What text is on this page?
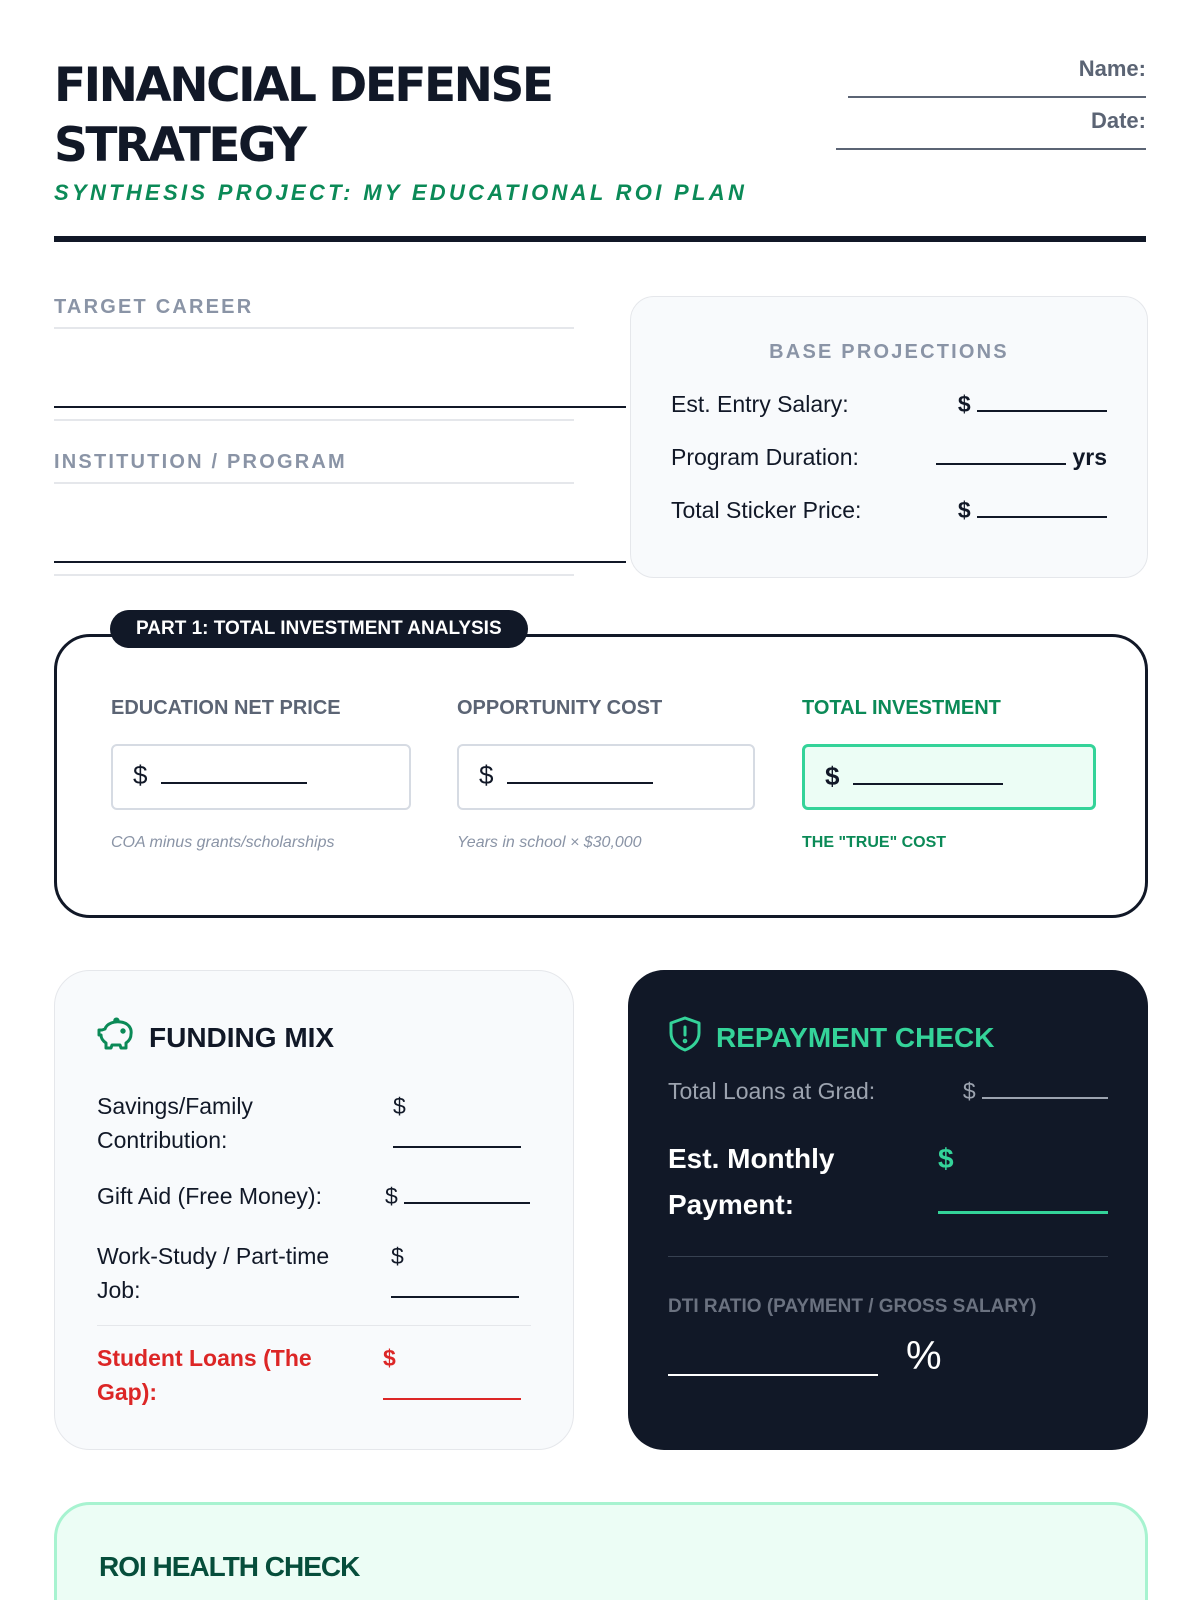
FINANCIAL DEFENSE
STRATEGY
SYNTHESIS PROJECT: MY EDUCATIONAL ROI PLAN
Name:
Date:
TARGET CAREER
INSTITUTION / PROGRAM
BASE PROJECTIONS
Est. Entry Salary:	$
Program Duration:	yrs
Total Sticker Price:	$
EDUCATION NET PRICE
$
COA minus grants/scholarships
OPPORTUNITY COST
$
Years in school × $30,000
TOTAL INVESTMENT
$
THE "TRUE" COST
PART 1: TOTAL INVESTMENT ANALYSIS
FUNDING MIX
Savings/Family Contribution:
$

Gift Aid (Free Money):	$
Work-Study / Part-time Job:
$

Student Loans (The Gap):
$

REPAYMENT CHECK
Total Loans at Grad:	$
Est. Monthly Payment:
$

DTI RATIO (PAYMENT / GROSS SALARY)
%
ROI HEALTH CHECK
